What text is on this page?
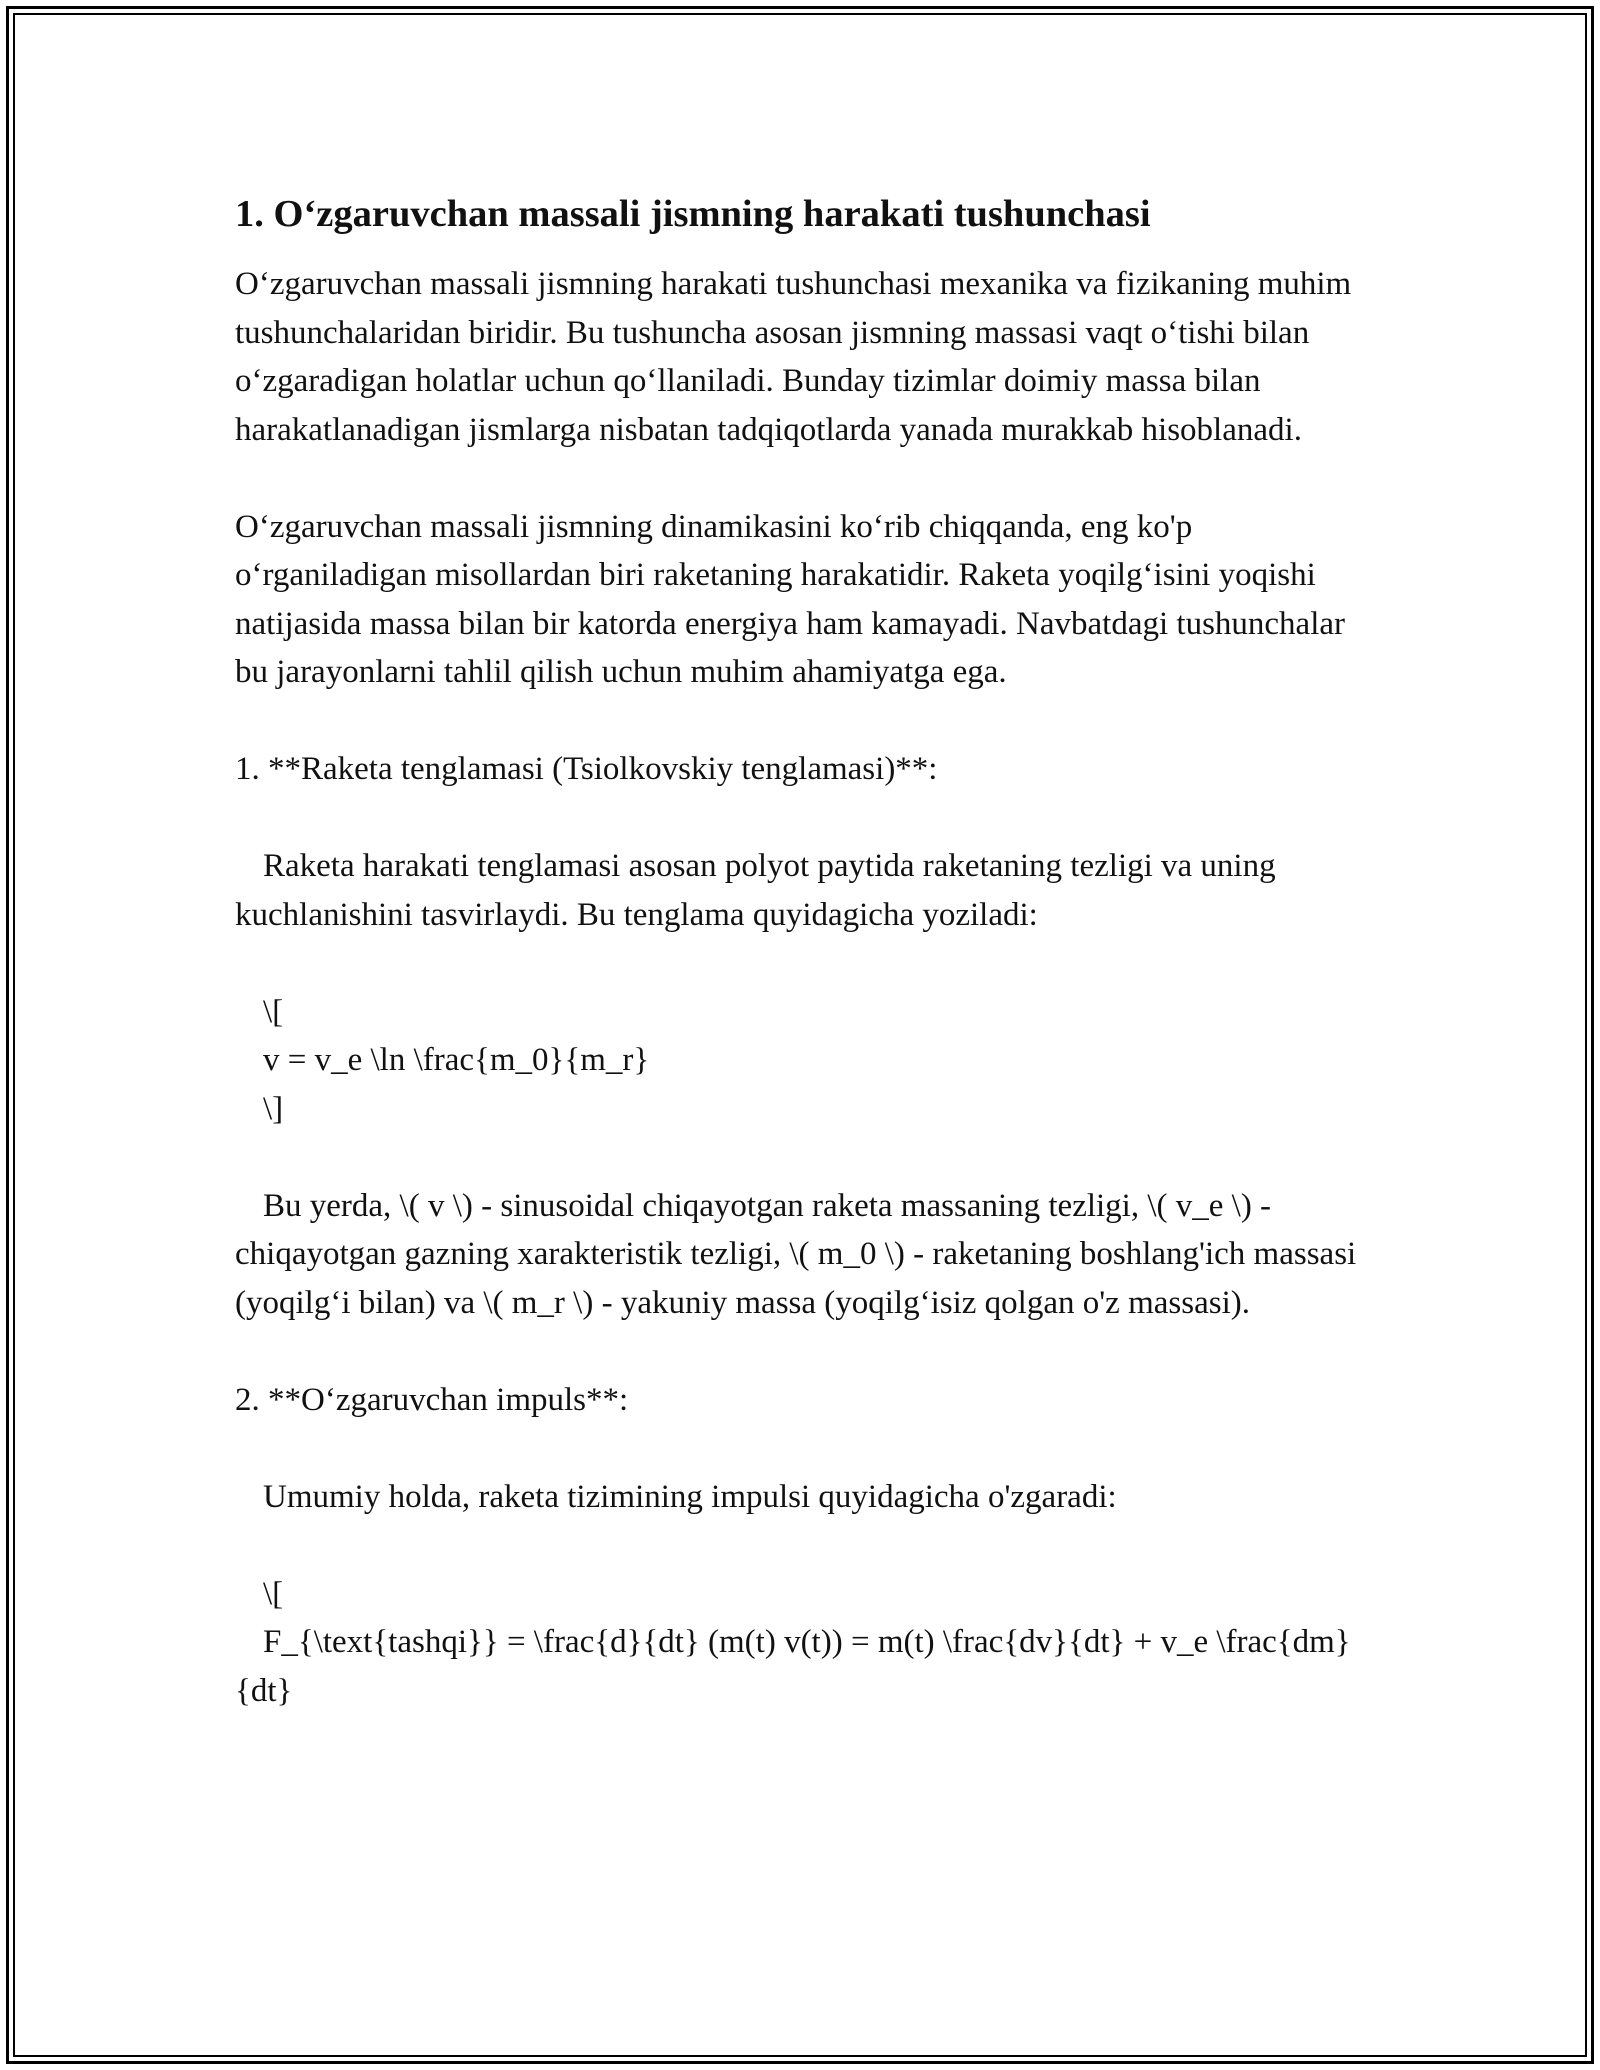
1. O‘zgaruvchan massali jismning harakati tushunchasi

O‘zgaruvchan massali jismning harakati tushunchasi mexanika va fizikaning muhim tushunchalaridan biridir. Bu tushuncha asosan jismning massasi vaqt o‘tishi bilan o‘zgaradigan holatlar uchun qo‘llaniladi. Bunday tizimlar doimiy massa bilan harakatlanadigan jismlarga nisbatan tadqiqotlarda yanada murakkab hisoblanadi.

O‘zgaruvchan massali jismning dinamikasini ko‘rib chiqqanda, eng ko'p o‘rganiladigan misollardan biri raketaning harakatidir. Raketa yoqilg‘isini yoqishi natijasida massa bilan bir katorda energiya ham kamayadi. Navbatdagi tushunchalar bu jarayonlarni tahlil qilish uchun muhim ahamiyatga ega.

1. **Raketa tenglamasi (Tsiolkovskiy tenglamasi)**:

Raketa harakati tenglamasi asosan polyot paytida raketaning tezligi va uning kuchlanishini tasvirlaydi. Bu tenglama quyidagicha yoziladi:

\[

v = v_e \ln \frac{m_0}{m_r}

\]

Bu yerda, \( v \) - sinusoidal chiqayotgan raketa massaning tezligi, \( v_e \) - chiqayotgan gazning xarakteristik tezligi, \( m_0 \) - raketaning boshlang'ich massasi (yoqilg‘i bilan) va \( m_r \) - yakuniy massa (yoqilg‘isiz qolgan o'z massasi).

2. **O‘zgaruvchan impuls**:

Umumiy holda, raketa tizimining impulsi quyidagicha o'zgaradi:

\[

F_{\text{tashqi}} = \frac{d}{dt} (m(t) v(t)) = m(t) \frac{dv}{dt} + v_e \frac{dm}{dt}
